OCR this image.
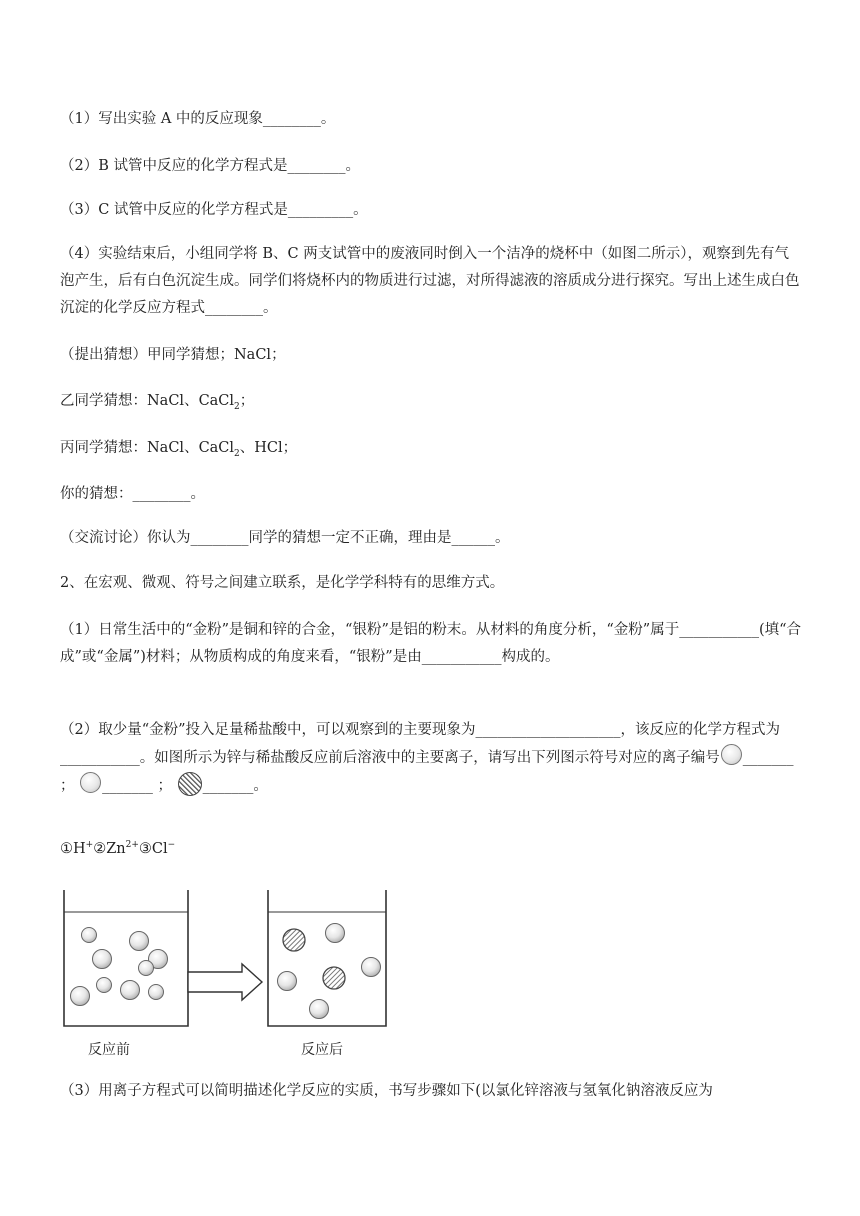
（1）写出实验 A 中的反应现象________。

（2）B 试管中反应的化学方程式是________。

（3）C 试管中反应的化学方程式是_________。

（4）实验结束后，小组同学将 B、C 两支试管中的废液同时倒入一个洁净的烧杯中（如图二所示），观察到先有气泡产生，后有白色沉淀生成。同学们将烧杯内的物质进行过滤，对所得滤液的溶质成分进行探究。写出上述生成白色沉淀的化学反应方程式________。

（提出猜想）甲同学猜想；NaCl；

乙同学猜想：NaCl、CaCl$_2$；

丙同学猜想：NaCl、CaCl$_2$、HCl；

你的猜想：________。

（交流讨论）你认为________同学的猜想一定不正确，理由是______。

2、在宏观、微观、符号之间建立联系，是化学学科特有的思维方式。

（1）日常生活中的“金粉”是铜和锌的合金，“银粉”是铝的粉末。从材料的角度分析，“金粉”属于___________(填“合成”或“金属”)材料；从物质构成的角度来看，“银粉”是由___________构成的。

（2）取少量“金粉”投入足量稀盐酸中，可以观察到的主要现象为____________________，该反应的化学方程式为___________。如图所示为锌与稀盐酸反应前后溶液中的主要离子，请写出下列图示符号对应的离子编号 _______ ； _______ ； _______。

$①H^+②Zn^{2+}③Cl^-$

反应前	反应后

（3）用离子方程式可以简明描述化学反应的实质，书写步骤如下(以氯化锌溶液与氢氧化钠溶液反应为
